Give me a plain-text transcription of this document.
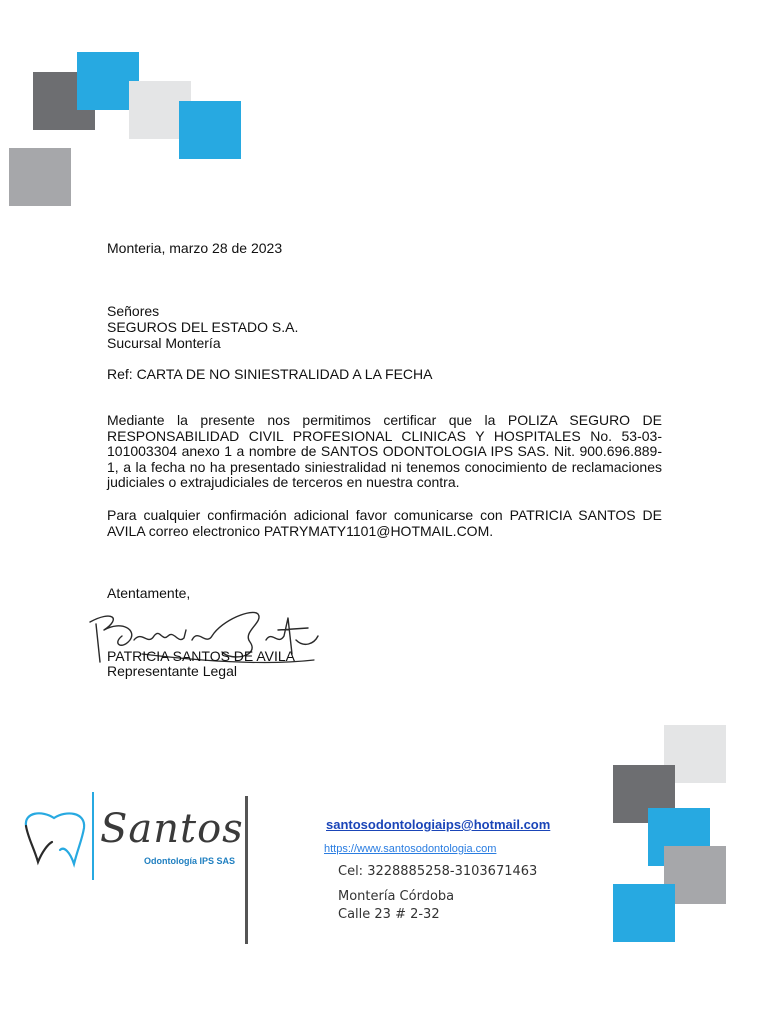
Monteria, marzo 28 de 2023
Señores
SEGUROS DEL ESTADO S.A.
Sucursal Montería
Ref: CARTA DE NO SINIESTRALIDAD A LA FECHA
Mediante la presente nos permitimos certificar que la POLIZA SEGURO DE RESPONSABILIDAD CIVIL PROFESIONAL CLINICAS Y HOSPITALES No. 53-03-101003304 anexo 1 a nombre de SANTOS ODONTOLOGIA IPS SAS. Nit. 900.696.889-1, a la fecha no ha presentado siniestralidad ni tenemos conocimiento de reclamaciones judiciales o extrajudiciales de terceros en nuestra contra.
Para cualquier confirmación adicional favor comunicarse con PATRICIA SANTOS DE AVILA correo electronico PATRYMATY1101@HOTMAIL.COM.
Atentamente,
PATRICIA SANTOS DE AVILA
Representante Legal
Santos
Odontología IPS SAS
santosodontologiaips@hotmail.com
https://www.santosodontologia.com
Cel: 3228885258-3103671463
Montería Córdoba
Calle 23 # 2-32
